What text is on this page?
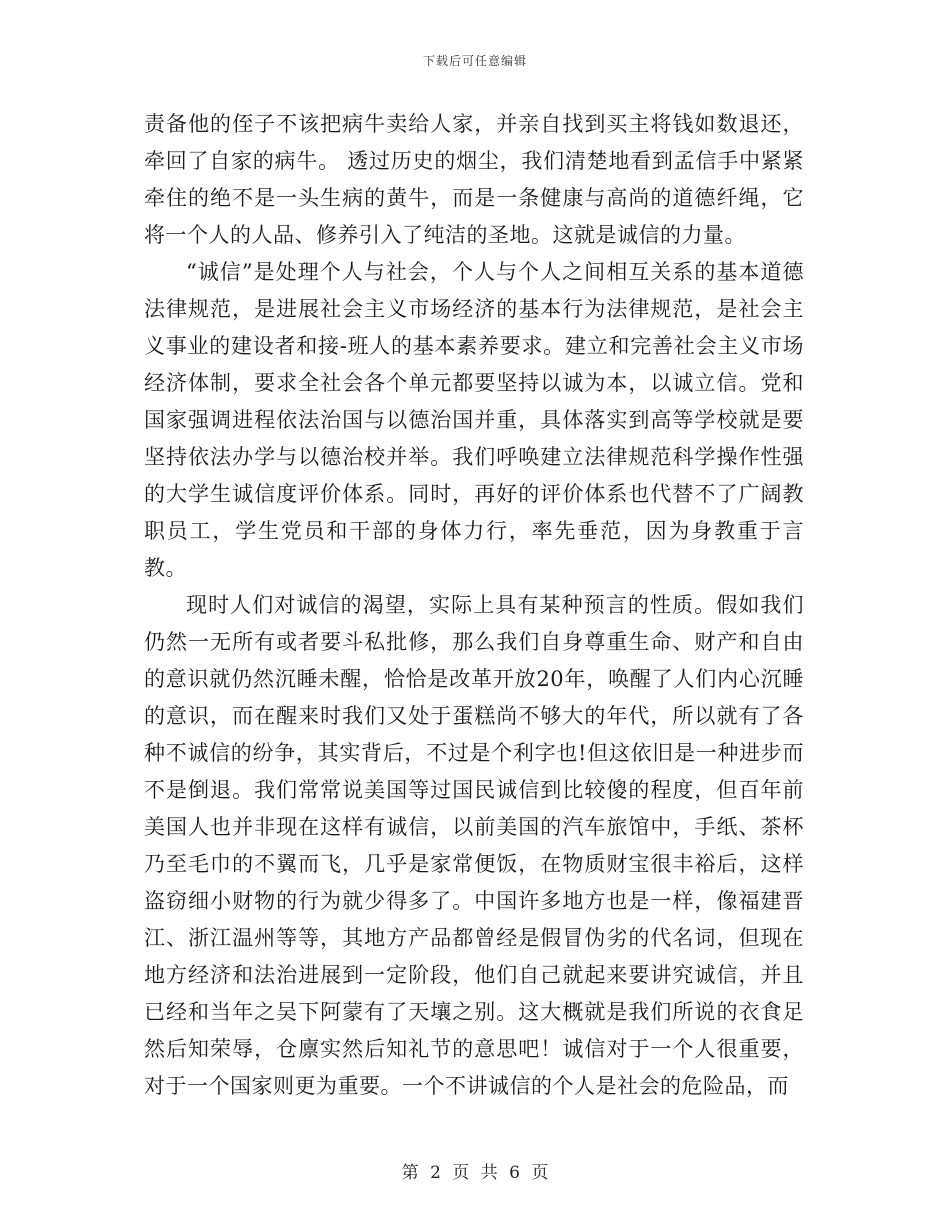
下载后可任意编辑

责备他的侄子不该把病牛卖给人家，并亲自找到买主将钱如数退还，牵回了自家的病牛。 透过历史的烟尘，我们清楚地看到孟信手中紧紧牵住的绝不是一头生病的黄牛，而是一条健康与高尚的道德纤绳，它将一个人的人品、修养引入了纯洁的圣地。这就是诚信的力量。

“诚信”是处理个人与社会，个人与个人之间相互关系的基本道德法律规范，是进展社会主义市场经济的基本行为法律规范，是社会主义事业的建设者和接-班人的基本素养要求。建立和完善社会主义市场经济体制，要求全社会各个单元都要坚持以诚为本，以诚立信。党和国家强调进程依法治国与以德治国并重，具体落实到高等学校就是要坚持依法办学与以德治校并举。我们呼唤建立法律规范科学操作性强的大学生诚信度评价体系。同时，再好的评价体系也代替不了广阔教职员工，学生党员和干部的身体力行，率先垂范，因为身教重于言教。

现时人们对诚信的渴望，实际上具有某种预言的性质。假如我们仍然一无所有或者要斗私批修，那么我们自身尊重生命、财产和自由的意识就仍然沉睡未醒，恰恰是改革开放20年，唤醒了人们内心沉睡的意识，而在醒来时我们又处于蛋糕尚不够大的年代，所以就有了各种不诚信的纷争，其实背后，不过是个利字也!但这依旧是一种进步而不是倒退。我们常常说美国等过国民诚信到比较傻的程度，但百年前美国人也并非现在这样有诚信，以前美国的汽车旅馆中，手纸、茶杯乃至毛巾的不翼而飞，几乎是家常便饭，在物质财宝很丰裕后，这样盗窃细小财物的行为就少得多了。中国许多地方也是一样，像福建晋江、浙江温州等等，其地方产品都曾经是假冒伪劣的代名词，但现在地方经济和法治进展到一定阶段，他们自己就起来要讲究诚信，并且已经和当年之吴下阿蒙有了天壤之别。这大概就是我们所说的衣食足然后知荣辱，仓廪实然后知礼节的意思吧！诚信对于一个人很重要，对于一个国家则更为重要。一个不讲诚信的个人是社会的危险品，而

第 2 页 共 6 页
